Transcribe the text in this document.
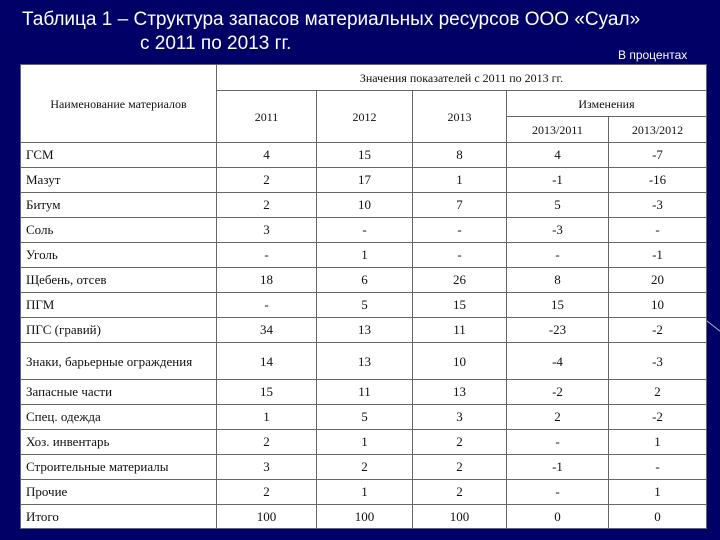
Таблица 1 – Структура запасов материальных ресурсов ООО «Суал»
с 2011 по 2013 гг.
В процентах
Наименование материалов	Значения показателей с 2011 по 2013 гг.				
	2011	2012	2013	Изменения	
				2013/2011	2013/2012
ГСМ	4	15	8	4	-7
Мазут	2	17	1	-1	-16
Битум	2	10	7	5	-3
Соль	3	-	-	-3	-
Уголь	-	1	-	-	-1
Щебень, отсев	18	6	26	8	20
ПГМ	-	5	15	15	10
ПГС (гравий)	34	13	11	-23	-2
Знаки, барьерные ограждения	14	13	10	-4	-3
Запасные части	15	11	13	-2	2
Спец. одежда	1	5	3	2	-2
Хоз. инвентарь	2	1	2	-	1
Строительные материалы	3	2	2	-1	-
Прочие	2	1	2	-	1
Итого	100	100	100	0	0
